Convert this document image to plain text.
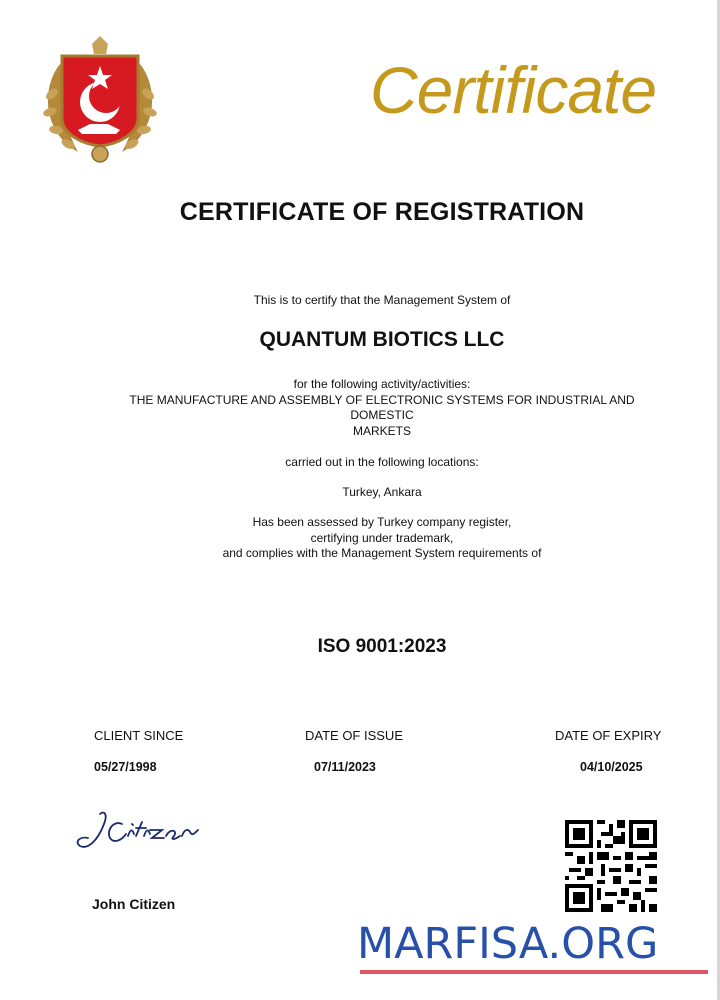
Certificate
CERTIFICATE OF REGISTRATION
This is to certify that the Management System of
QUANTUM BIOTICS LLC
for the following activity/activities:
THE MANUFACTURE AND ASSEMBLY OF ELECTRONIC SYSTEMS FOR INDUSTRIAL AND
DOMESTIC
MARKETS
carried out in the following locations:
Turkey, Ankara
Has been assessed by Turkey company register,
certifying under trademark,
and complies with the Management System requirements of
ISO 9001:2023
CLIENT SINCE
05/27/1998
DATE OF ISSUE
07/11/2023
DATE OF EXPIRY
04/10/2025
John Citizen
MARFISA.ORG
